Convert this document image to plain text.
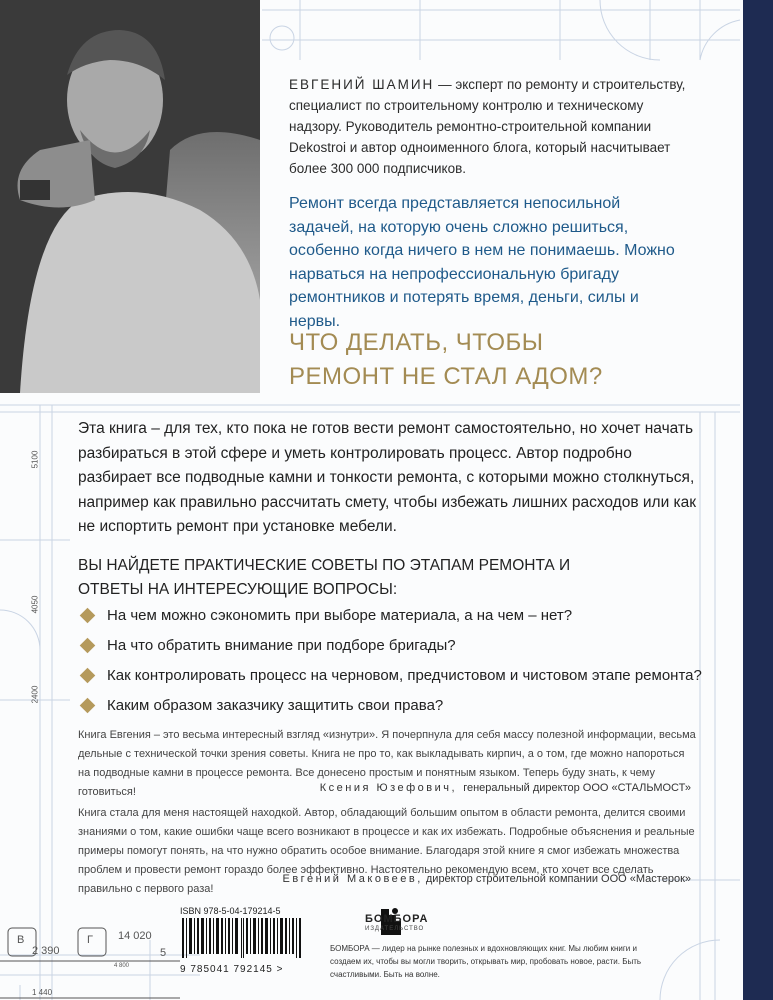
ЕВГЕНИЙ ШАМИН — эксперт по ремонту и строительству, специалист по строительному контролю и техническому надзору. Руководитель ремонтно-строительной компании Dekostroi и автор одноименного блога, который насчитывает более 300 000 подписчиков.
Ремонт всегда представляется непосильной задачей, на которую очень сложно решиться, особенно когда ничего в нем не понимаешь. Можно нарваться на непрофессиональную бригаду ремонтников и потерять время, деньги, силы и нервы.
ЧТО ДЕЛАТЬ, ЧТОБЫ РЕМОНТ НЕ СТАЛ АДОМ?
Эта книга – для тех, кто пока не готов вести ремонт самостоятельно, но хочет начать разбираться в этой сфере и уметь контролировать процесс. Автор подробно разбирает все подводные камни и тонкости ремонта, с которыми можно столкнуться, например как правильно рассчитать смету, чтобы избежать лишних расходов или как не испортить ремонт при установке мебели.
ВЫ НАЙДЕТЕ ПРАКТИЧЕСКИЕ СОВЕТЫ ПО ЭТАПАМ РЕМОНТА И ОТВЕТЫ НА ИНТЕРЕСУЮЩИЕ ВОПРОСЫ:
На чем можно сэкономить при выборе материала, а на чем – нет?
На что обратить внимание при подборе бригады?
Как контролировать процесс на черновом, предчистовом и чистовом этапе ремонта?
Каким образом заказчику защитить свои права?
Книга Евгения – это весьма интересный взгляд «изнутри». Я почерпнула для себя массу полезной информации, весьма дельные с технической точки зрения советы. Книга не про то, как выкладывать кирпич, а о том, где можно напороться на подводные камни в процессе ремонта. Все донесено простым и понятным языком. Теперь буду знать, к чему готовиться!	Ксения Юзефович, генеральный директор ООО «СТАЛЬМОСТ»
Книга стала для меня настоящей находкой. Автор, обладающий большим опытом в области ремонта, делится своими знаниями о том, какие ошибки чаще всего возникают в процессе и как их избежать. Подробные объяснения и реальные примеры помогут понять, на что нужно обратить особое внимание. Благодаря этой книге я смог избежать множества проблем и провести ремонт гораздо более эффективно. Настоятельно рекомендую всем, кто хочет все сделать правильно с первого раза!
Евгений Маковеев, директор строительной компании ООО «Мастерок»
ISBN 978-5-04-179214-5
9 785041 792145 >
БОМБОРА
ИЗДАТЕЛЬСТВО
БОМБОРА — лидер на рынке полезных и вдохновляющих книг. Мы любим книги и создаем их, чтобы вы могли творить, открывать мир, пробовать новое, расти. Быть счастливыми. Быть на волне.
В	Г
2 390
14 020
5
4 800
1 440
5100
4050
2400
